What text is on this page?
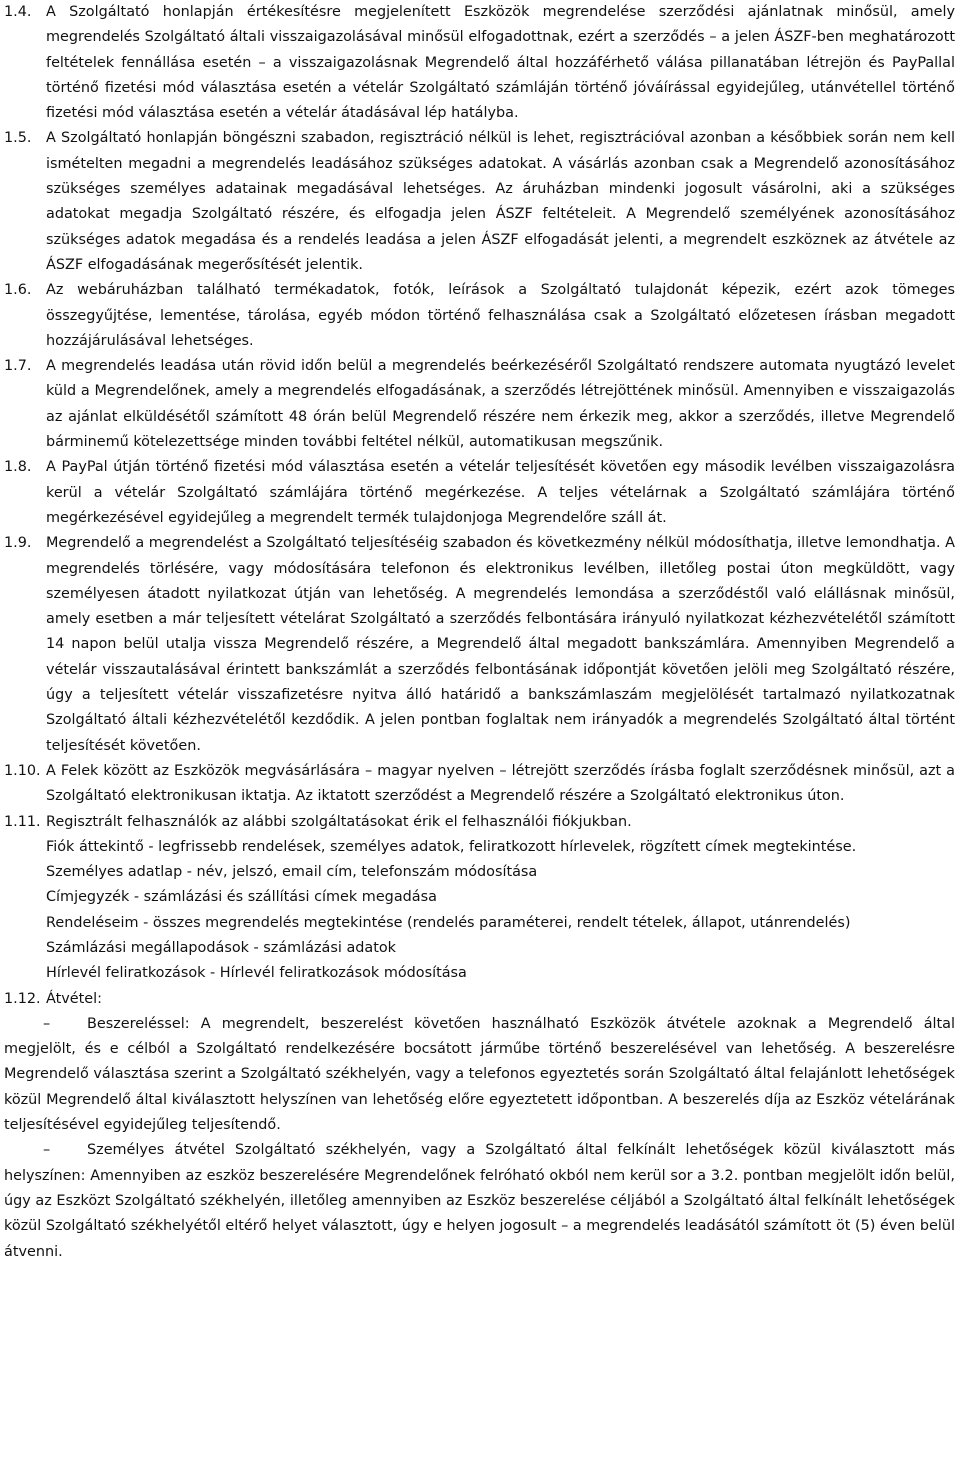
1.4.	A Szolgáltató honlapján értékesítésre megjelenített Eszközök megrendelése szerződési ajánlatnak minősül, amely megrendelés Szolgáltató általi visszaigazolásával minősül elfogadottnak, ezért a szerződés – a jelen ÁSZF-ben meghatározott feltételek fennállása esetén – a visszaigazolásnak Megrendelő által hozzáférhető válása pillanatában létrejön és PayPallal történő fizetési mód választása esetén a vételár Szolgáltató számláján történő jóváírással egyidejűleg, utánvétellel történő fizetési mód választása esetén a vételár átadásával lép hatályba.

1.5.	A Szolgáltató honlapján böngészni szabadon, regisztráció nélkül is lehet, regisztrációval azonban a későbbiek során nem kell ismételten megadni a megrendelés leadásához szükséges adatokat. A vásárlás azonban csak a Megrendelő azonosításához szükséges személyes adatainak megadásával lehetséges. Az áruházban mindenki jogosult vásárolni, aki a szükséges adatokat megadja Szolgáltató részére, és elfogadja jelen ÁSZF feltételeit. A Megrendelő személyének azonosításához szükséges adatok megadása és a rendelés leadása a jelen ÁSZF elfogadását jelenti, a megrendelt eszköznek az átvétele az ÁSZF elfogadásának megerősítését jelentik.

1.6.	Az webáruházban található termékadatok, fotók, leírások a Szolgáltató tulajdonát képezik, ezért azok tömeges összegyűjtése, lementése, tárolása, egyéb módon történő felhasználása csak a Szolgáltató előzetesen írásban megadott hozzájárulásával lehetséges.

1.7.	A megrendelés leadása után rövid időn belül a megrendelés beérkezéséről Szolgáltató rendszere automata nyugtázó levelet küld a Megrendelőnek, amely a megrendelés elfogadásának, a szerződés létrejöttének minősül. Amennyiben e visszaigazolás az ajánlat elküldésétől számított 48 órán belül Megrendelő részére nem érkezik meg, akkor a szerződés, illetve Megrendelő bárminemű kötelezettsége minden további feltétel nélkül, automatikusan megszűnik.

1.8.	A PayPal útján történő fizetési mód választása esetén a vételár teljesítését követően egy második levélben visszaigazolásra kerül a vételár Szolgáltató számlájára történő megérkezése. A teljes vételárnak a Szolgáltató számlájára történő megérkezésével egyidejűleg a megrendelt termék tulajdonjoga Megrendelőre száll át.

1.9.	Megrendelő a megrendelést a Szolgáltató teljesítéséig szabadon és következmény nélkül módosíthatja, illetve lemondhatja. A megrendelés törlésére, vagy módosítására telefonon és elektronikus levélben, illetőleg postai úton megküldött, vagy személyesen átadott nyilatkozat útján van lehetőség. A megrendelés lemondása a szerződéstől való elállásnak minősül, amely esetben a már teljesített vételárat Szolgáltató a szerződés felbontására irányuló nyilatkozat kézhezvételétől számított 14 napon belül utalja vissza Megrendelő részére, a Megrendelő által megadott bankszámlára. Amennyiben Megrendelő a vételár visszautalásával érintett bankszámlát a szerződés felbontásának időpontját követően jelöli meg Szolgáltató részére, úgy a teljesített vételár visszafizetésre nyitva álló határidő a bankszámlaszám megjelölését tartalmazó nyilatkozatnak Szolgáltató általi kézhezvételétől kezdődik. A jelen pontban foglaltak nem irányadók a megrendelés Szolgáltató által történt teljesítését követően.

1.10. A Felek között az Eszközök megvásárlására – magyar nyelven – létrejött szerződés írásba foglalt szerződésnek minősül, azt a Szolgáltató elektronikusan iktatja. Az iktatott szerződést a Megrendelő részére a Szolgáltató elektronikus úton.

1.11. Regisztrált felhasználók az alábbi szolgáltatásokat érik el felhasználói fiókjukban.

Fiók áttekintő - legfrissebb rendelések, személyes adatok, feliratkozott hírlevelek, rögzített címek megtekintése.

Személyes adatlap - név, jelszó, email cím, telefonszám módosítása

Címjegyzék - számlázási és szállítási címek megadása

Rendeléseim - összes megrendelés megtekintése (rendelés paraméterei, rendelt tételek, állapot, utánrendelés)

Számlázási megállapodások - számlázási adatok

Hírlevél feliratkozások - Hírlevél feliratkozások módosítása

1.12. Átvétel:

–	Beszereléssel: A megrendelt, beszerelést követően használható Eszközök átvétele azoknak a Megrendelő által megjelölt, és e célból a Szolgáltató rendelkezésére bocsátott járműbe történő beszerelésével van lehetőség. A beszerelésre Megrendelő választása szerint a Szolgáltató székhelyén, vagy a telefonos egyeztetés során Szolgáltató által felajánlott lehetőségek közül Megrendelő által kiválasztott helyszínen van lehetőség előre egyeztetett időpontban. A beszerelés díja az Eszköz vételárának teljesítésével egyidejűleg teljesítendő.

–	Személyes átvétel Szolgáltató székhelyén, vagy a Szolgáltató által felkínált lehetőségek közül kiválasztott más helyszínen: Amennyiben az eszköz beszerelésére Megrendelőnek felróható okból nem kerül sor a 3.2. pontban megjelölt időn belül, úgy az Eszközt Szolgáltató székhelyén, illetőleg amennyiben az Eszköz beszerelése céljából a Szolgáltató által felkínált lehetőségek közül Szolgáltató székhelyétől eltérő helyet választott, úgy e helyen jogosult – a megrendelés leadásától számított öt (5) éven belül átvenni.
